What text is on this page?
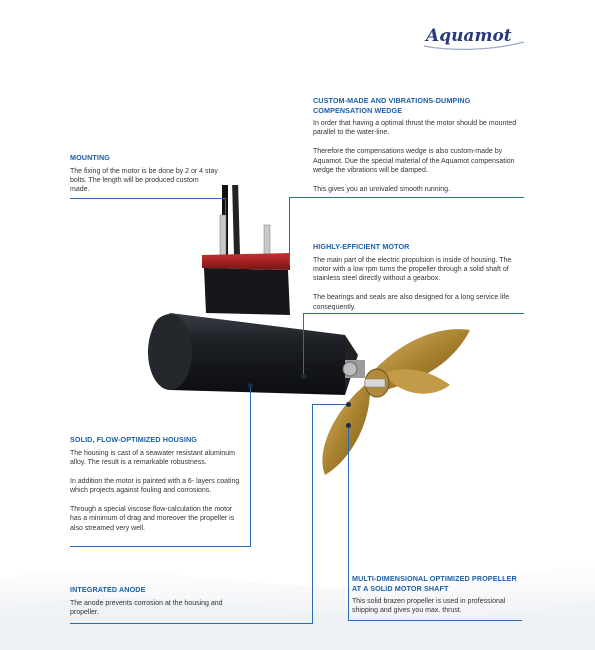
Aquamot
MOUNTING

The fixing of the motor is be done by 2 or 4 stay bolts. The length will be produced custom made.

CUSTOM-MADE AND VIBRATIONS-DUMPING COMPENSATION WEDGE

In order that having a optimal thrust the motor should be mounted parallel to the water-line.

Therefore the compensations wedge is also custom-made by Aquamot. Due the special material of the Aquamot compensation wedge the vibrations will be damped.

This gives you an unrivaled smooth running.

HIGHLY-EFFICIENT MOTOR

The main part of the electric propulsion is inside of housing. The motor with a low rpm turns the propeller through a solid shaft of stainless steel directly without a gearbox.

The bearings and seals are also designed for a long service life consequently.

SOLID, FLOW-OPTIMIZED HOUSING

The housing is cast of a seawater resistant aluminum alloy. The result is a remarkable robustness.

In addition the motor is painted with a 6- layers coating which projects against fouling and corrosions.

Through a special viscose flow-calculation the motor has a minimum of drag and moreover the propeller is also streamed very well.

INTEGRATED ANODE

The anode prevents corrosion at the housing and propeller.

MULTI-DIMENSIONAL OPTIMIZED PROPELLER AT A SOLID MOTOR SHAFT

This solid brazen propeller is used in professional shipping and gives you max. thrust.
